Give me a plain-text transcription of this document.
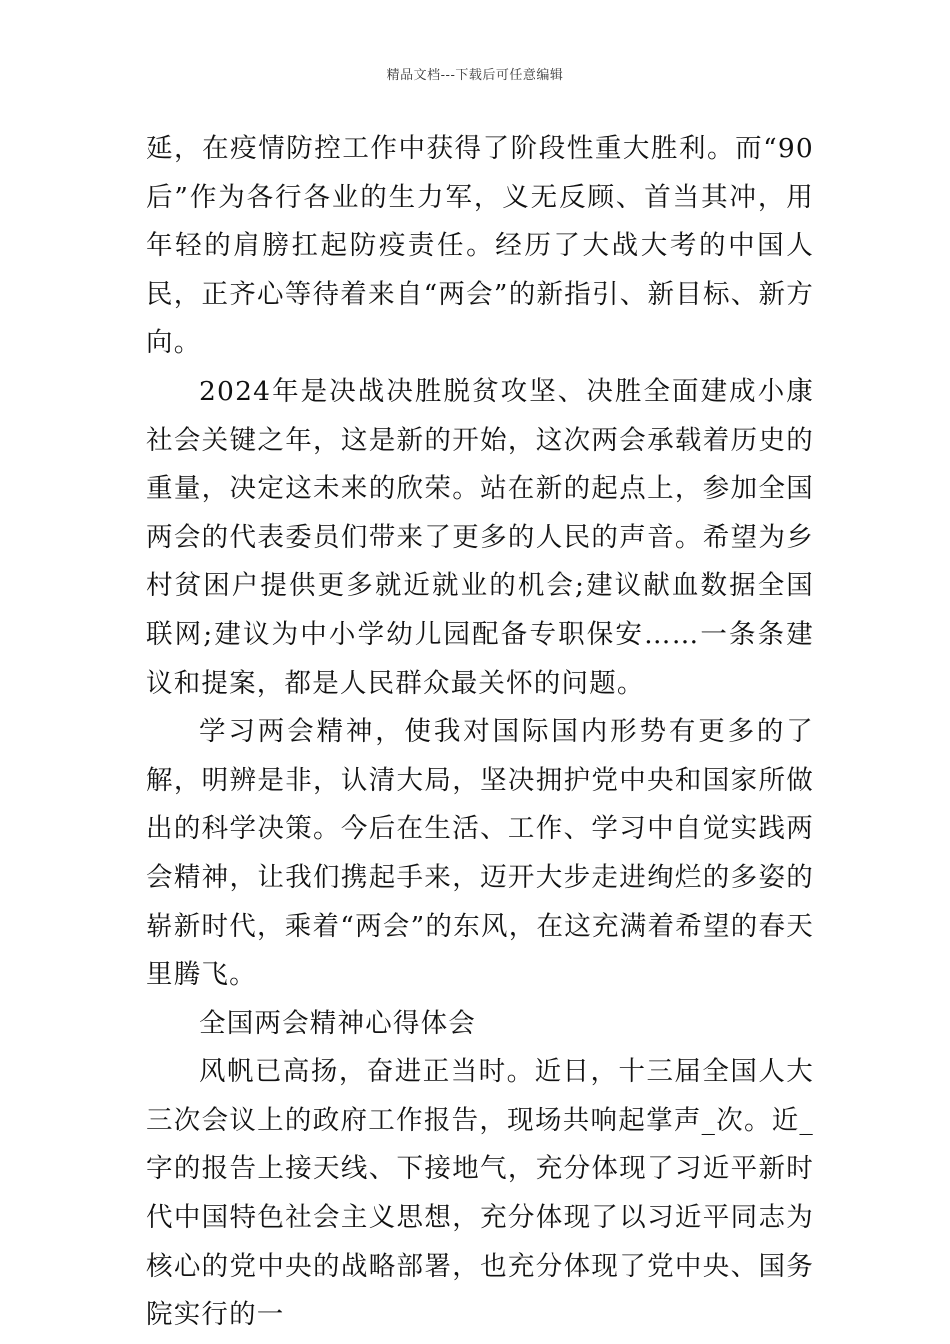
精品文档---下载后可任意编辑

延，在疫情防控工作中获得了阶段性重大胜利。而“90后”作为各行各业的生力军，义无反顾、首当其冲，用年轻的肩膀扛起防疫责任。经历了大战大考的中国人民，正齐心等待着来自“两会”的新指引、新目标、新方向。

2024年是决战决胜脱贫攻坚、决胜全面建成小康社会关键之年，这是新的开始，这次两会承载着历史的重量，决定这未来的欣荣。站在新的起点上，参加全国两会的代表委员们带来了更多的人民的声音。希望为乡村贫困户提供更多就近就业的机会;建议献血数据全国联网;建议为中小学幼儿园配备专职保安……一条条建议和提案，都是人民群众最关怀的问题。

学习两会精神，使我对国际国内形势有更多的了解，明辨是非，认清大局，坚决拥护党中央和国家所做出的科学决策。今后在生活、工作、学习中自觉实践两会精神，让我们携起手来，迈开大步走进绚烂的多姿的崭新时代，乘着“两会”的东风，在这充满着希望的春天里腾飞。

全国两会精神心得体会

风帆已高扬，奋进正当时。近日，十三届全国人大三次会议上的政府工作报告，现场共响起掌声_次。近_字的报告上接天线、下接地气，充分体现了习近平新时代中国特色社会主义思想，充分体现了以习近平同志为核心的党中央的战略部署，也充分体现了党中央、国务院实行的一
